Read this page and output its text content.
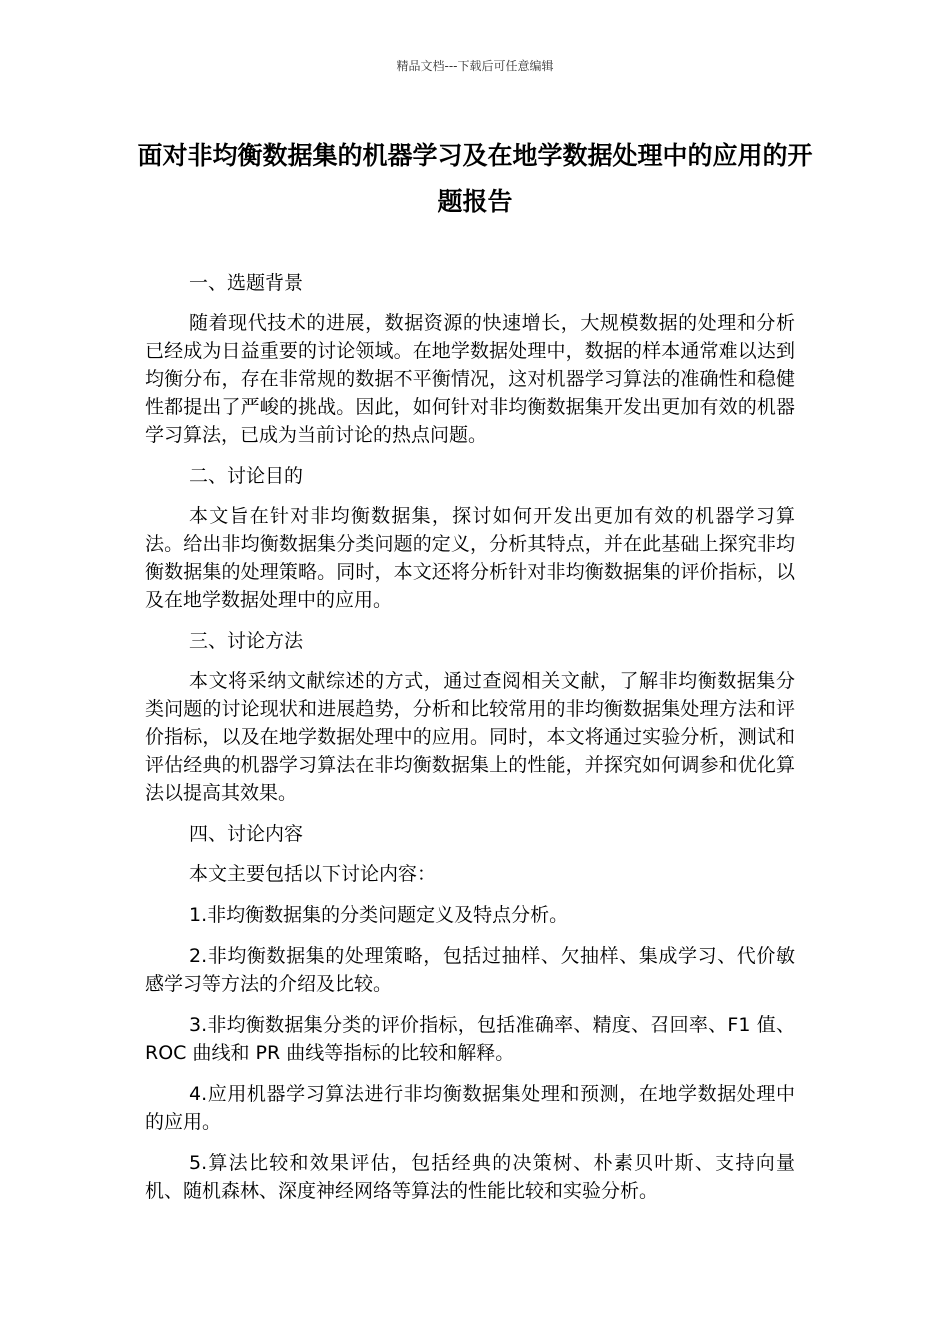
精品文档---下载后可任意编辑
面对非均衡数据集的机器学习及在地学数据处理中的应用的开题报告

一、选题背景

随着现代技术的进展，数据资源的快速增长，大规模数据的处理和分析已经成为日益重要的讨论领域。在地学数据处理中，数据的样本通常难以达到均衡分布，存在非常规的数据不平衡情况，这对机器学习算法的准确性和稳健性都提出了严峻的挑战。因此，如何针对非均衡数据集开发出更加有效的机器学习算法，已成为当前讨论的热点问题。

二、讨论目的

本文旨在针对非均衡数据集，探讨如何开发出更加有效的机器学习算法。给出非均衡数据集分类问题的定义，分析其特点，并在此基础上探究非均衡数据集的处理策略。同时，本文还将分析针对非均衡数据集的评价指标，以及在地学数据处理中的应用。

三、讨论方法

本文将采纳文献综述的方式，通过查阅相关文献，了解非均衡数据集分类问题的讨论现状和进展趋势，分析和比较常用的非均衡数据集处理方法和评价指标，以及在地学数据处理中的应用。同时，本文将通过实验分析，测试和评估经典的机器学习算法在非均衡数据集上的性能，并探究如何调参和优化算法以提高其效果。

四、讨论内容

本文主要包括以下讨论内容：

1.非均衡数据集的分类问题定义及特点分析。

2.非均衡数据集的处理策略，包括过抽样、欠抽样、集成学习、代价敏感学习等方法的介绍及比较。

3.非均衡数据集分类的评价指标，包括准确率、精度、召回率、F1 值、ROC 曲线和 PR 曲线等指标的比较和解释。

4.应用机器学习算法进行非均衡数据集处理和预测，在地学数据处理中的应用。

5.算法比较和效果评估，包括经典的决策树、朴素贝叶斯、支持向量机、随机森林、深度神经网络等算法的性能比较和实验分析。
